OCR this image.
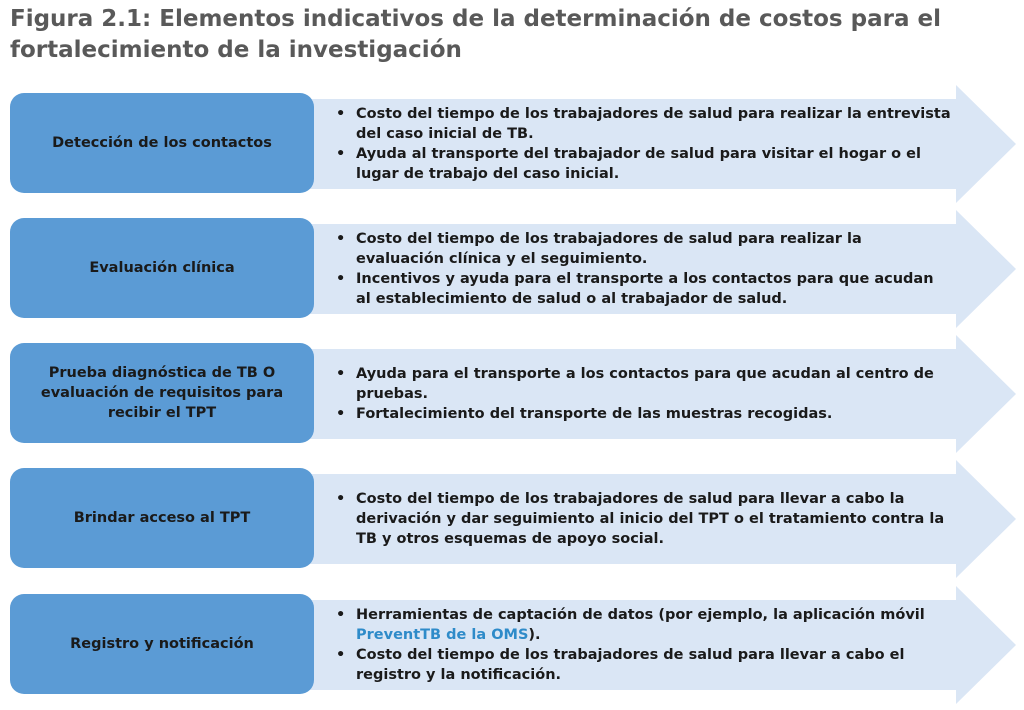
Figura 2.1: Elementos indicativos de la determinación de costos para el
fortalecimiento de la investigación
Detección de los contactos
• Costo del tiempo de los trabajadores de salud para realizar la entrevista del caso inicial de TB.
• Ayuda al transporte del trabajador de salud para visitar el hogar o el lugar de trabajo del caso inicial.
Evaluación clínica
• Costo del tiempo de los trabajadores de salud para realizar la evaluación clínica y el seguimiento.
• Incentivos y ayuda para el transporte a los contactos para que acudan al establecimiento de salud o al trabajador de salud.
Prueba diagnóstica de TB O evaluación de requisitos para recibir el TPT
• Ayuda para el transporte a los contactos para que acudan al centro de pruebas.
• Fortalecimiento del transporte de las muestras recogidas.
Brindar acceso al TPT
• Costo del tiempo de los trabajadores de salud para llevar a cabo la derivación y dar seguimiento al inicio del TPT o el tratamiento contra la TB y otros esquemas de apoyo social.
Registro y notificación
• Herramientas de captación de datos (por ejemplo, la aplicación móvil PreventTB de la OMS).
• Costo del tiempo de los trabajadores de salud para llevar a cabo el registro y la notificación.
